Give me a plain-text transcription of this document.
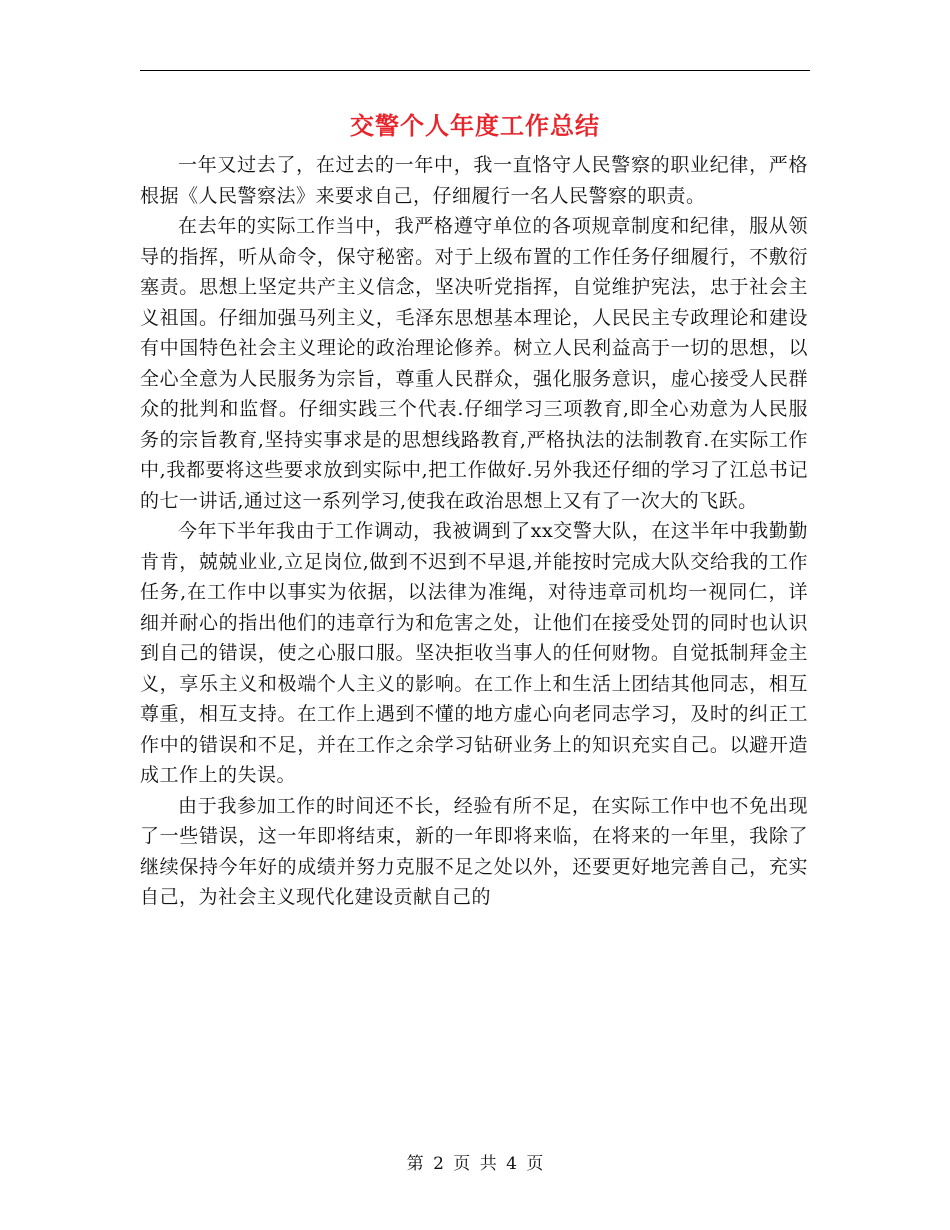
交警个人年度工作总结

一年又过去了，在过去的一年中，我一直恪守人民警察的职业纪律，严格根据《人民警察法》来要求自己，仔细履行一名人民警察的职责。

在去年的实际工作当中，我严格遵守单位的各项规章制度和纪律，服从领导的指挥，听从命令，保守秘密。对于上级布置的工作任务仔细履行，不敷衍塞责。思想上坚定共产主义信念，坚决听党指挥，自觉维护宪法，忠于社会主义祖国。仔细加强马列主义，毛泽东思想基本理论，人民民主专政理论和建设有中国特色社会主义理论的政治理论修养。树立人民利益高于一切的思想，以全心全意为人民服务为宗旨，尊重人民群众，强化服务意识，虚心接受人民群众的批判和监督。仔细实践三个代表.仔细学习三项教育,即全心劝意为人民服务的宗旨教育,坚持实事求是的思想线路教育,严格执法的法制教育.在实际工作中,我都要将这些要求放到实际中,把工作做好.另外我还仔细的学习了江总书记的七一讲话,通过这一系列学习,使我在政治思想上又有了一次大的飞跃。

今年下半年我由于工作调动，我被调到了xx交警大队，在这半年中我勤勤肯肯，兢兢业业,立足岗位,做到不迟到不早退,并能按时完成大队交给我的工作任务,在工作中以事实为依据，以法律为准绳，对待违章司机均一视同仁，详细并耐心的指出他们的违章行为和危害之处，让他们在接受处罚的同时也认识到自己的错误，使之心服口服。坚决拒收当事人的任何财物。自觉抵制拜金主义，享乐主义和极端个人主义的影响。在工作上和生活上团结其他同志，相互尊重，相互支持。在工作上遇到不懂的地方虚心向老同志学习，及时的纠正工作中的错误和不足，并在工作之余学习钻研业务上的知识充实自己。以避开造成工作上的失误。

由于我参加工作的时间还不长，经验有所不足，在实际工作中也不免出现了一些错误，这一年即将结束，新的一年即将来临，在将来的一年里，我除了继续保持今年好的成绩并努力克服不足之处以外，还要更好地完善自己，充实自己，为社会主义现代化建设贡献自己的

第 2 页 共 4 页
